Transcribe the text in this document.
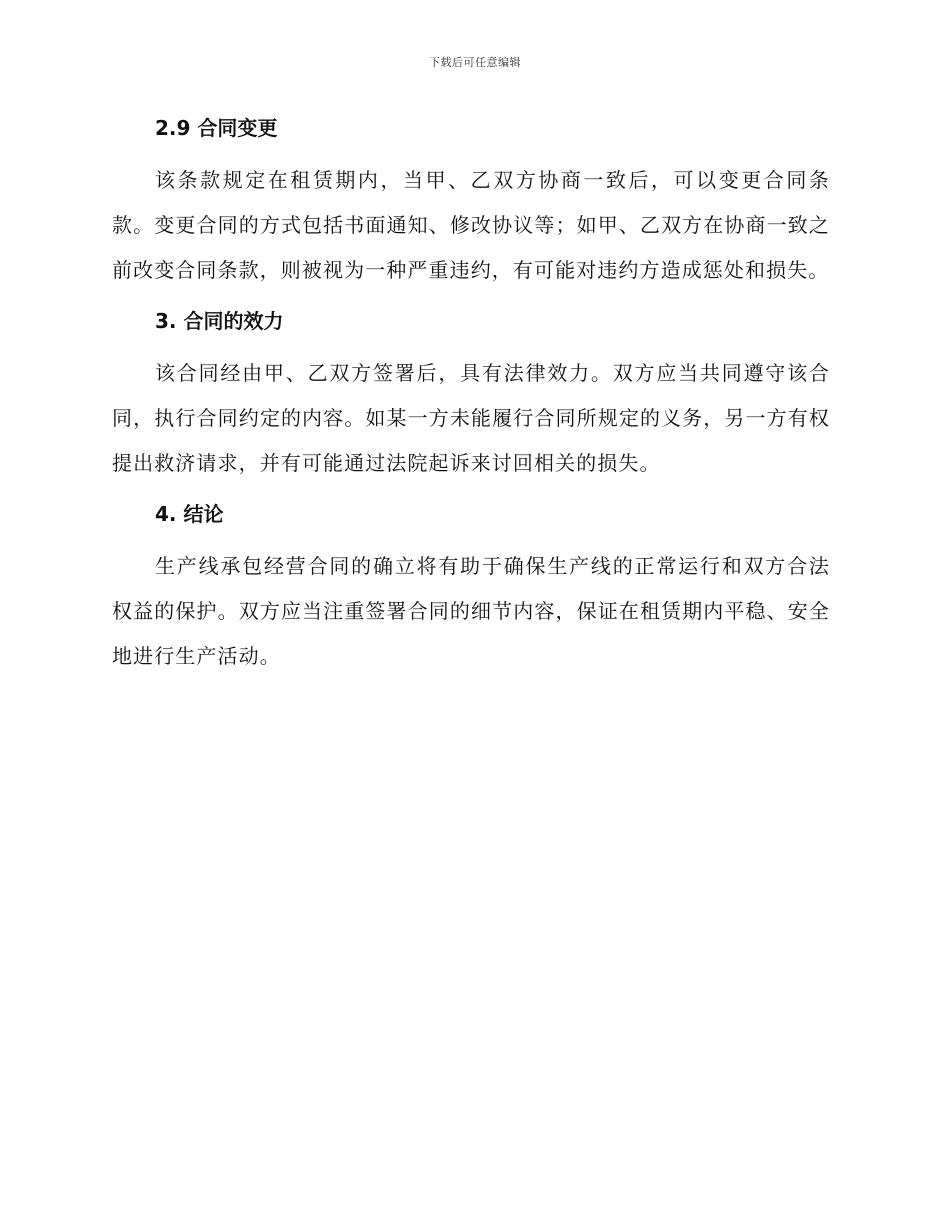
下载后可任意编辑
2.9 合同变更

该条款规定在租赁期内，当甲、乙双方协商一致后，可以变更合同条款。变更合同的方式包括书面通知、修改协议等；如甲、乙双方在协商一致之前改变合同条款，则被视为一种严重违约，有可能对违约方造成惩处和损失。

3. 合同的效力

该合同经由甲、乙双方签署后，具有法律效力。双方应当共同遵守该合同，执行合同约定的内容。如某一方未能履行合同所规定的义务，另一方有权提出救济请求，并有可能通过法院起诉来讨回相关的损失。

4. 结论

生产线承包经营合同的确立将有助于确保生产线的正常运行和双方合法权益的保护。双方应当注重签署合同的细节内容，保证在租赁期内平稳、安全地进行生产活动。
